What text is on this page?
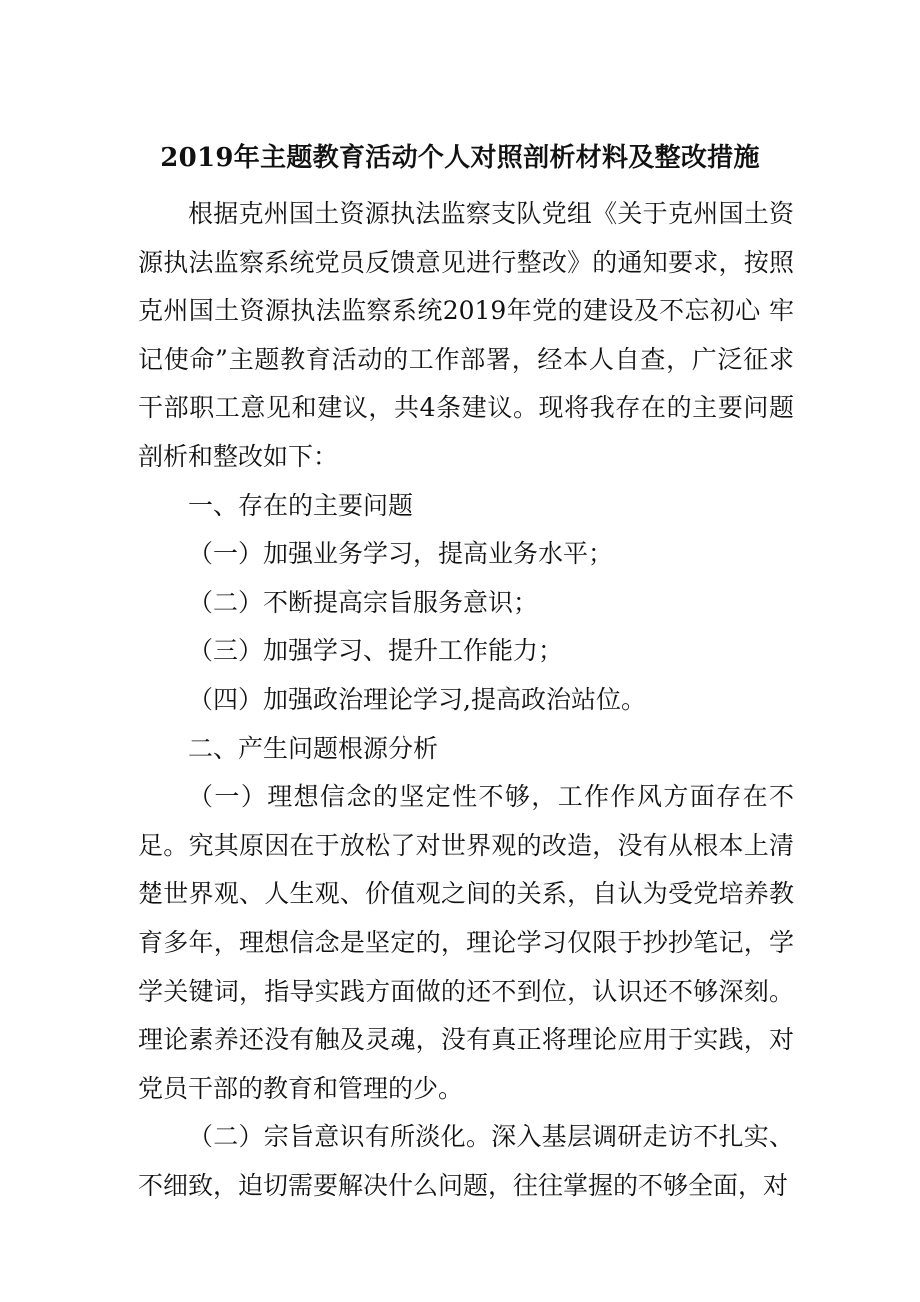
2019年主题教育活动个人对照剖析材料及整改措施

根据克州国土资源执法监察支队党组《关于克州国土资源执法监察系统党员反馈意见进行整改》的通知要求，按照克州国土资源执法监察系统2019年党的建设及不忘初心 牢记使命”主题教育活动的工作部署，经本人自查，广泛征求干部职工意见和建议，共4条建议。现将我存在的主要问题剖析和整改如下：

一、存在的主要问题

（一）加强业务学习，提高业务水平；

（二）不断提高宗旨服务意识；

（三）加强学习、提升工作能力；

（四）加强政治理论学习,提高政治站位。

二、产生问题根源分析

（一）理想信念的坚定性不够，工作作风方面存在不足。究其原因在于放松了对世界观的改造，没有从根本上清楚世界观、人生观、价值观之间的关系，自认为受党培养教育多年，理想信念是坚定的，理论学习仅限于抄抄笔记，学学关键词，指导实践方面做的还不到位，认识还不够深刻。理论素养还没有触及灵魂，没有真正将理论应用于实践，对党员干部的教育和管理的少。

（二）宗旨意识有所淡化。深入基层调研走访不扎实、不细致，迫切需要解决什么问题，往往掌握的不够全面，对
